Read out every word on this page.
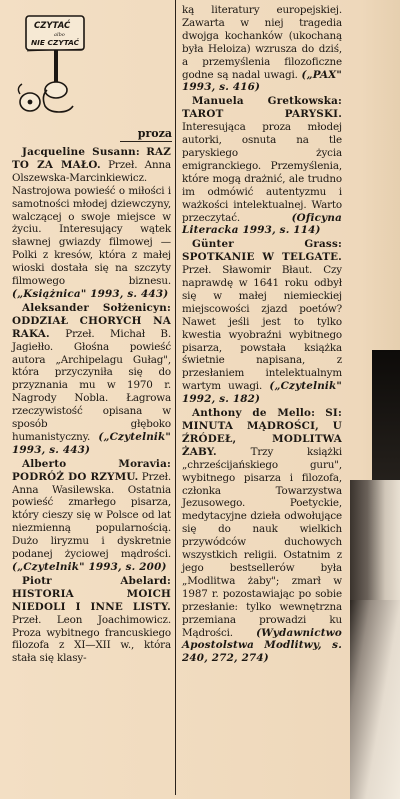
CZYTAĆ
albo
NIE CZYTAĆ
proza

Jacqueline Susann: RAZ TO ZA MAŁO. Przeł. Anna Olszewska-Marcinkiewicz. Nastrojowa powieść o miłości i samotności młodej dziewczyny, walczącej o swoje miejsce w życiu. Interesujący wątek sławnej gwiazdy filmowej — Polki z kresów, która z małej wioski dostała się na szczyty filmowego biznesu. („Książnica" 1993, s. 443)

Aleksander Sołżenicyn: ODDZIAŁ CHORYCH NA RAKA. Przeł. Michał B. Jagiełło. Głośna powieść autora „Archipelagu Gułag", która przyczyniła się do przyznania mu w 1970 r. Nagrody Nobla. Łagrowa rzeczywistość opisana w sposób głęboko humanistyczny. („Czytelnik" 1993, s. 443)

Alberto Moravia: PODRÓŻ DO RZYMU. Przeł. Anna Wasilewska. Ostatnia powieść zmarłego pisarza, który cieszy się w Polsce od lat niezmienną popularnością. Dużo liryzmu i dyskretnie podanej życiowej mądrości. („Czytelnik" 1993, s. 200)

Piotr Abelard: HISTORIA MOICH NIEDOLI I INNE LISTY. Przeł. Leon Joachimowicz. Proza wybitnego francuskiego filozofa z XI—XII w., która stała się klasy-

ką literatury europejskiej. Zawarta w niej tragedia dwojga kochanków (ukochaną była Heloiza) wzrusza do dziś, a przemyślenia filozoficzne godne są nadal uwagi. („PAX" 1993, s. 416)

Manuela Gretkowska: TAROT PARYSKI. Interesująca proza młodej autorki, osnuta na tle paryskiego życia emigranckiego. Przemyślenia, które mogą drażnić, ale trudno im odmówić autentyzmu i ważkości intelektualnej. Warto przeczytać.	(Oficyna Literacka 1993, s. 114)

Günter Grass: SPOTKANIE W TELGATE. Przeł. Sławomir Błaut. Czy naprawdę w 1641 roku odbył się w małej niemieckiej miejscowości zjazd poetów? Nawet jeśli jest to tylko kwestia wyobraźni wybitnego pisarza, powstała książka świetnie napisana, z przesłaniem intelektualnym wartym uwagi. („Czytelnik" 1992, s. 182)

Anthony de Mello: SI: MINUTA MĄDROŚCI, U ŹRÓDEŁ, MODLITWA ŻABY.	Trzy książki „chrześcijańskiego guru", wybitnego pisarza i filozofa, członka Towarzystwa Jezusowego. Poetyckie, medytacyjne dzieła odwołujące się do nauk wielkich przywódców duchowych wszystkich religii. Ostatnim z jego bestsellerów była „Modlitwa żaby"; zmarł w 1987 r. pozostawiając po sobie przesłanie: tylko wewnętrzna przemiana prowadzi ku Mądrości. (Wydawnictwo Apostolstwa Modlitwy, s. 240, 272, 274)
